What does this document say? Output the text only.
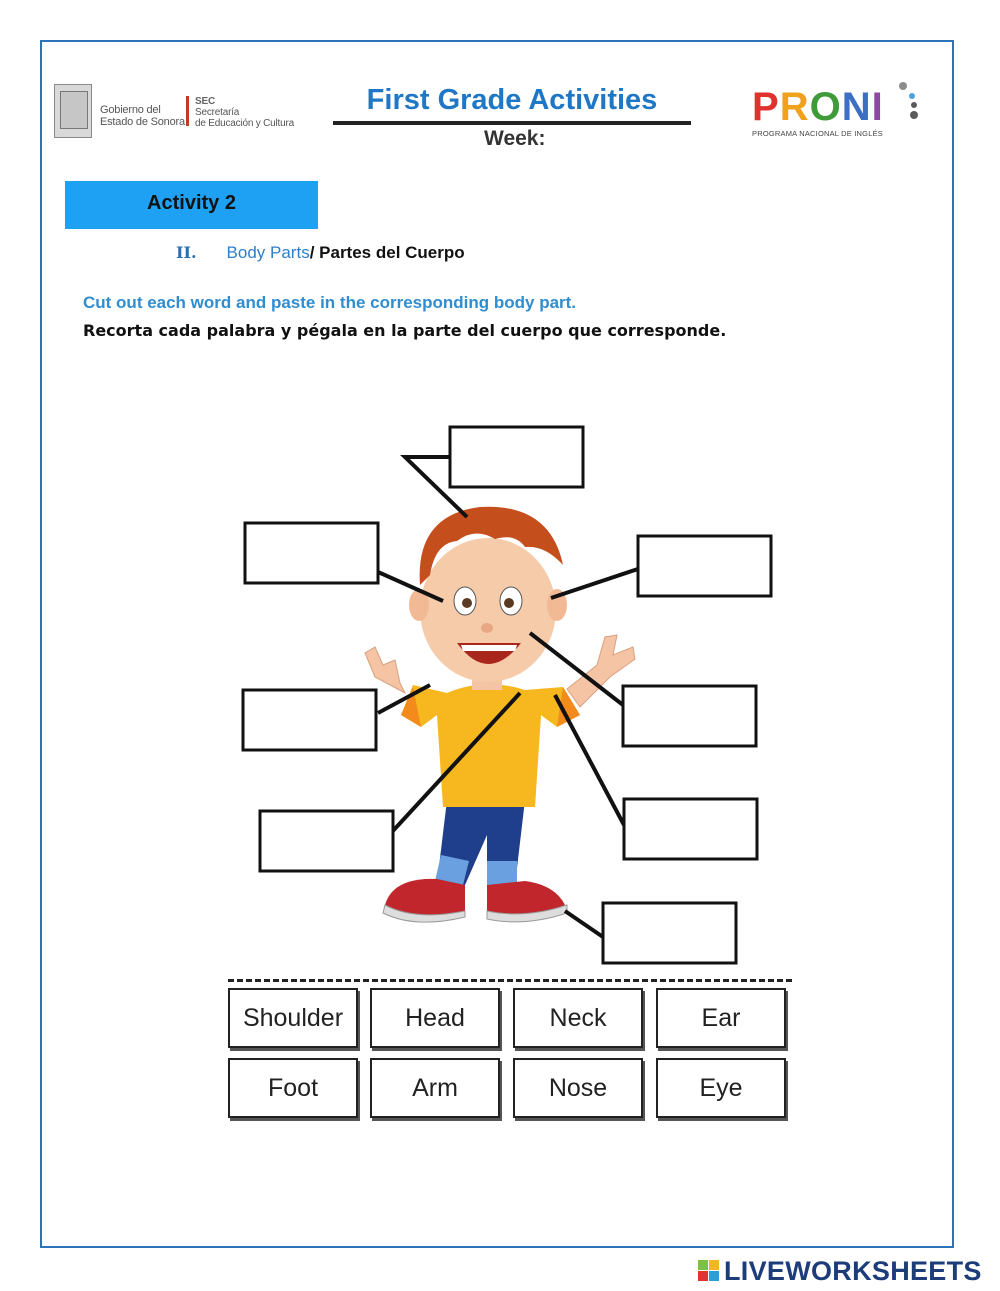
Gobierno del
Estado de Sonora
SEC
Secretaría
de Educación y Cultura
First Grade Activities
Week:
PRONI
PROGRAMA NACIONAL DE INGLÉS
Activity 2
II. Body Parts/ Partes del Cuerpo
Cut out each word and paste in the corresponding body part.
Recorta cada palabra y pégala en la parte del cuerpo que corresponde.
Shoulder	Head	Neck	Ear
Foot	Arm	Nose	Eye
LIVEWORKSHEETS
